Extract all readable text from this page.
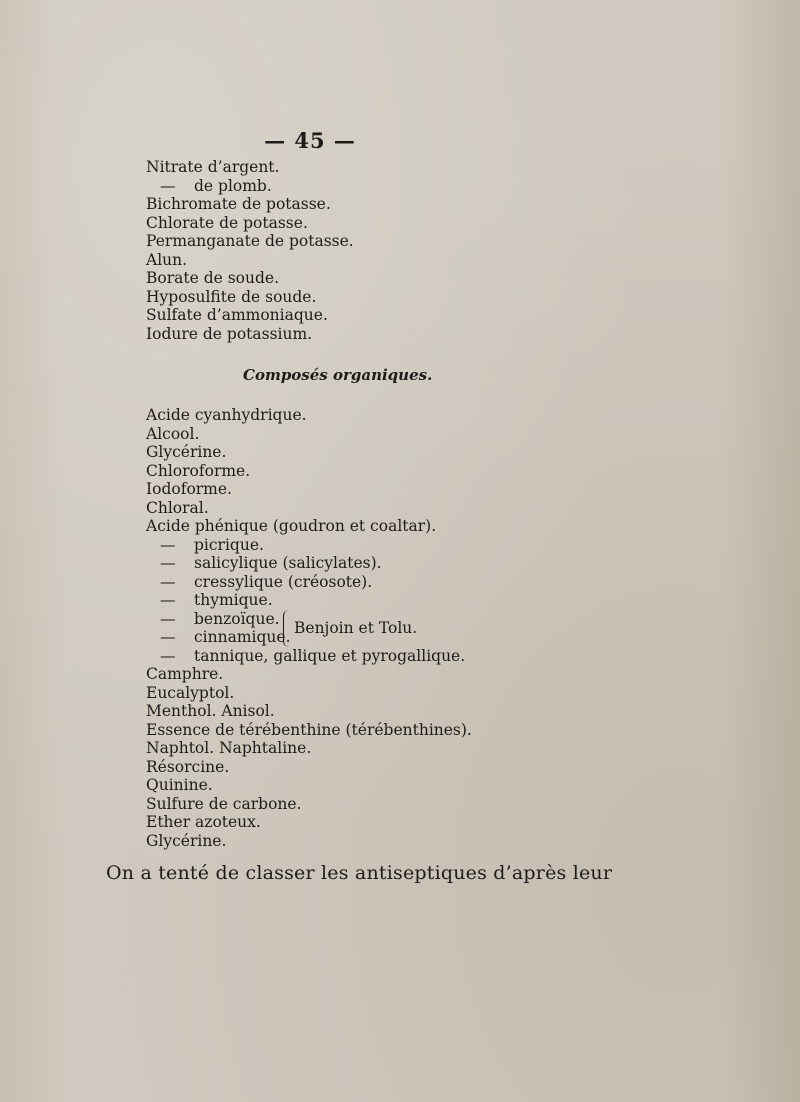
— 45 —
Nitrate d’argent.
— de plomb.
Bichromate de potasse.
Chlorate de potasse.
Permanganate de potasse.
Alun.
Borate de soude.
Hyposulfite de soude.
Sulfate d’ammoniaque.
Iodure de potassium.
Composés organiques.
Acide cyanhydrique.
Alcool.
Glycérine.
Chloroforme.
Iodoforme.
Chloral.
Acide phénique (goudron et coaltar).
— picrique.
— salicylique (salicylates).
— cressylique (créosote).
— thymique.
— benzoïque.
— cinnamique.
Benjoin et Tolu.
— tannique, gallique et pyrogallique.
Camphre.
Eucalyptol.
Menthol. Anisol.
Essence de térébenthine (térébenthines).
Naphtol. Naphtaline.
Résorcine.
Quinine.
Sulfure de carbone.
Ether azoteux.
Glycérine.
On a tenté de classer les antiseptiques d’après leur
